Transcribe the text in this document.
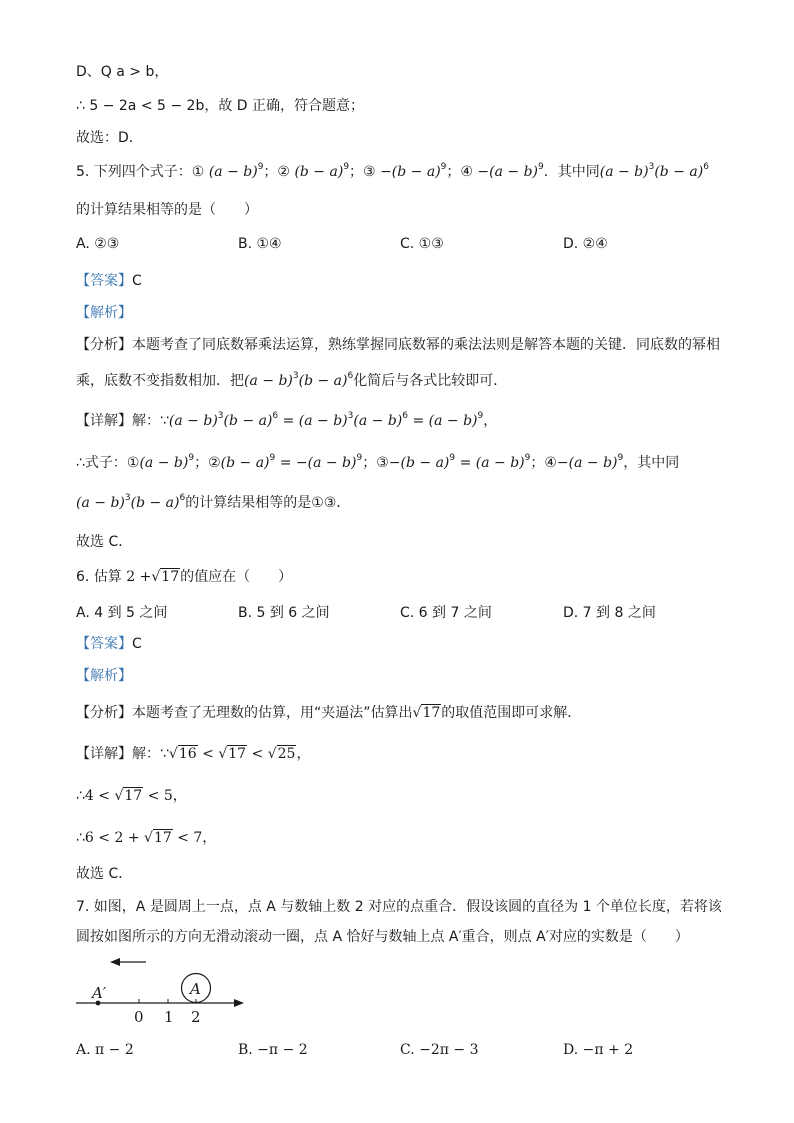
D、Q a > b，
∴ 5 − 2a < 5 − 2b，故 D 正确，符合题意；
故选：D．
5. 下列四个式子：① $(a - b)^9$；② $(b - a)^9$；③ $-(b - a)^9$；④ $-(a - b)^9$．其中同$(a - b)^3(b - a)^6$
的计算结果相等的是（　　）
A. ②③	B. ①④	C. ①③	D. ②④
【答案】C
【解析】
【分析】本题考查了同底数幂乘法运算，熟练掌握同底数幂的乘法法则是解答本题的关键．同底数的幂相
乘，底数不变指数相加．把$(a - b)^3(b - a)^6$化简后与各式比较即可．
【详解】解：∵(a − $b)^3(b - a)^6 = (a - b)^3(a - b)^6 = (a - b)^9$，
∴式子：①(a − b)$^9$；②(b − $a)^9 = -(a - b)^9$；③−(b − $a)^9 = (a - b)^9$；④−(a − b)$^9$，其中同
$(a - b)^3(b - a)^6$的计算结果相等的是①③．
故选 C．
6. 估算 2 +√17的值应在（　　）
A. 4 到 5 之间	B. 5 到 6 之间	C. 6 到 7 之间	D. 7 到 8 之间
【答案】C
【解析】
【分析】本题考查了无理数的估算，用“夹逼法”估算出√17的取值范围即可求解．
【详解】解：∵√16 < √17 < √25，
∴4 < √17 < 5，
∴6 < 2 + √17 < 7，
故选 C．
7. 如图，A 是圆周上一点，点 A 与数轴上数 2 对应的点重合．假设该圆的直径为 1 个单位长度，若将该
圆按如图所示的方向无滑动滚动一圈，点 A 恰好与数轴上点 A′重合，则点 A′对应的实数是（　　）
A′	A
0 1 2
A. π − 2	B. −π − 2	C. −2π − 3	D. −π + 2
